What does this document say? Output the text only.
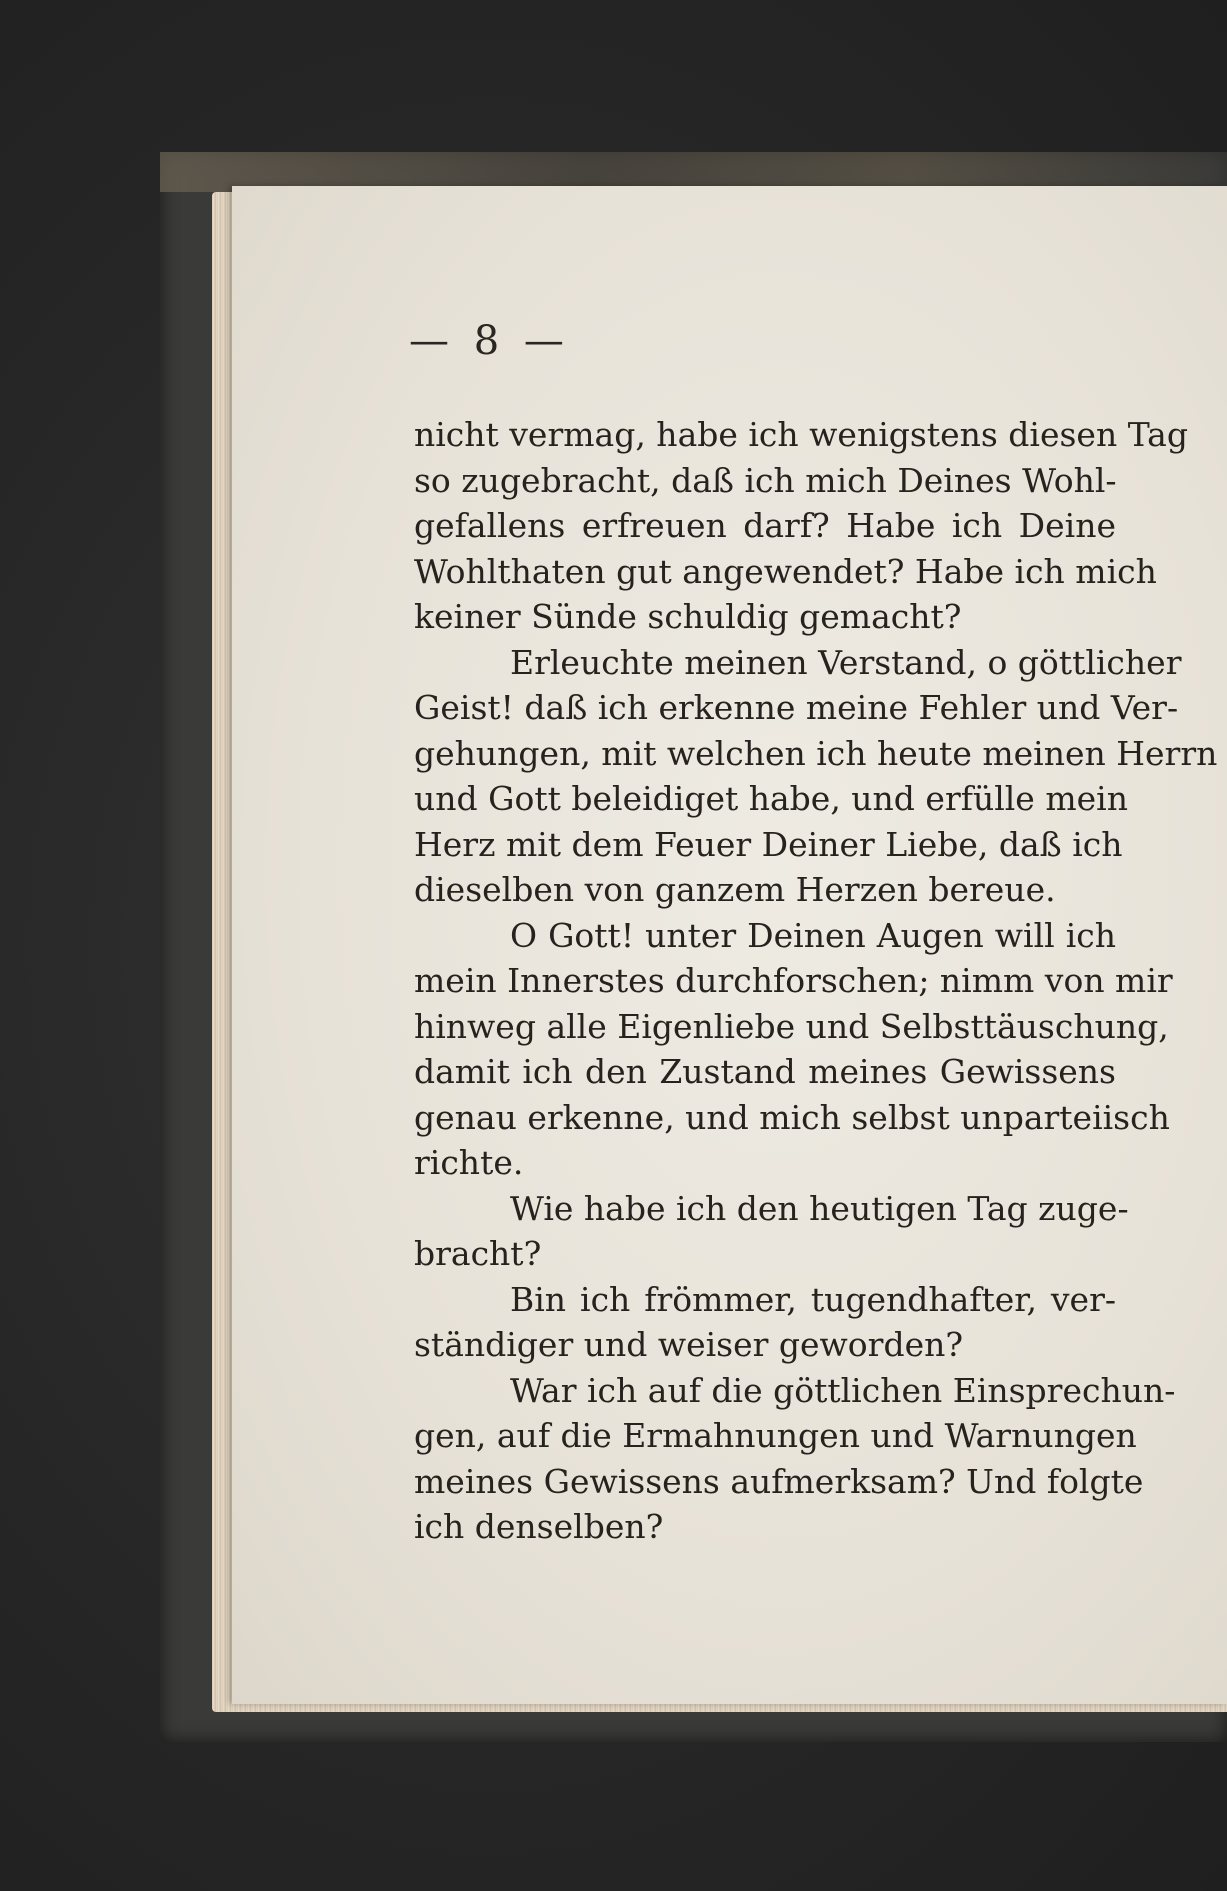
— 8 —
nicht vermag, habe ich wenigstens diesen Tag
so zugebracht, daß ich mich Deines Wohl-
gefallens erfreuen darf? Habe ich Deine
Wohlthaten gut angewendet? Habe ich mich
keiner Sünde schuldig gemacht?
Erleuchte meinen Verstand, o göttlicher
Geist! daß ich erkenne meine Fehler und Ver-
gehungen, mit welchen ich heute meinen Herrn
und Gott beleidiget habe, und erfülle mein
Herz mit dem Feuer Deiner Liebe, daß ich
dieselben von ganzem Herzen bereue.
O Gott! unter Deinen Augen will ich
mein Innerstes durchforschen; nimm von mir
hinweg alle Eigenliebe und Selbsttäuschung,
damit ich den Zustand meines Gewissens
genau erkenne, und mich selbst unparteiisch
richte.
Wie habe ich den heutigen Tag zuge-
bracht?
Bin ich frömmer, tugendhafter, ver-
ständiger und weiser geworden?
War ich auf die göttlichen Einsprechun-
gen, auf die Ermahnungen und Warnungen
meines Gewissens aufmerksam? Und folgte
ich denselben?
